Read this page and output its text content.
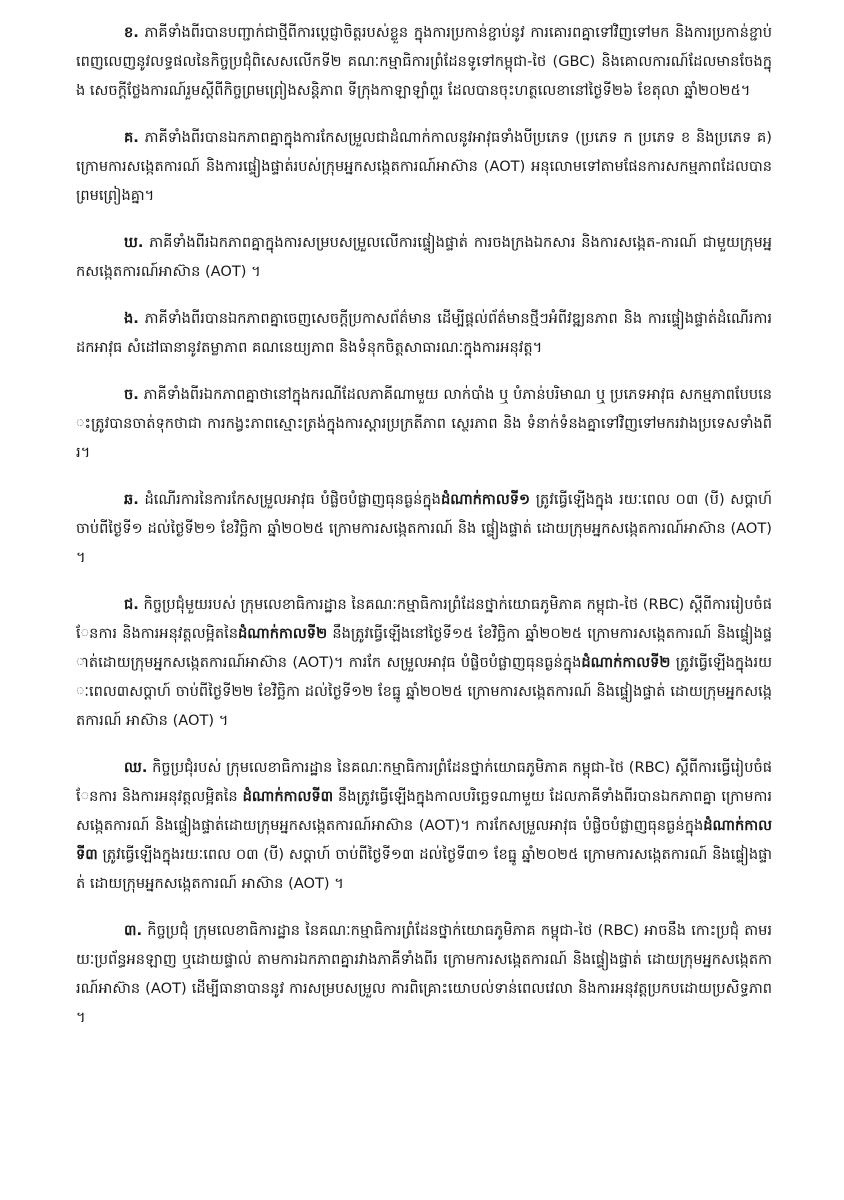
ខ. ភាគីទាំងពីរបានបញ្ជាក់ជាថ្មីពីការប្តេជ្ញាចិត្តរបស់ខ្លួន ក្នុងការប្រកាន់ខ្ជាប់នូវ ការគោរពគ្នាទៅវិញទៅមក និងការប្រកាន់ខ្ជាប់ពេញលេញនូវលទ្ធផលនៃកិច្ចប្រជុំពិសេសលើកទី២ គណៈកម្មាធិការព្រំដែនទូទៅកម្ពុជា-ថៃ (GBC) និងគោលការណ៍ដែលមានចែងក្នុង សេចក្តីថ្លែងការណ៍រួមស្តីពីកិច្ចព្រមព្រៀងសន្តិភាព ទីក្រុងកាឡាឡាំពួរ ដែលបានចុះហត្ថលេខានៅថ្ងៃទី២៦ ខែតុលា ឆ្នាំ២០២៥។

គ. ភាគីទាំងពីរបានឯកភាពគ្នាក្នុងការកែសម្រួលជាដំណាក់កាលនូវអាវុធទាំងបីប្រភេទ (ប្រភេទ ក ប្រភេទ ខ និងប្រភេទ គ) ក្រោមការសង្កេតការណ៍ និងការផ្ទៀងផ្ទាត់របស់ក្រុមអ្នកសង្កេតការណ៍អាស៊ាន (AOT) អនុលោមទៅតាមផែនការសកម្មភាពដែលបានព្រមព្រៀងគ្នា។

ឃ. ភាគីទាំងពីរឯកភាពគ្នាក្នុងការសម្របសម្រួលលើការផ្ទៀងផ្ទាត់ ការចងក្រងឯកសារ និងការសង្កេត-ការណ៍ ជាមួយក្រុមអ្នកសង្កេតការណ៍អាស៊ាន (AOT) ។

ង. ភាគីទាំងពីរបានឯកភាពគ្នាចេញសេចក្តីប្រកាសព័ត៌មាន ដើម្បីផ្តល់ព័ត៌មានថ្មីៗអំពីវឌ្ឍនភាព និង ការផ្ទៀងផ្ទាត់ដំណើរការដកអាវុធ សំដៅធានានូវតម្លាភាព គណនេយ្យភាព និងទំនុកចិត្តសាធារណៈក្នុងការអនុវត្ត។

ច. ភាគីទាំងពីរឯកភាពគ្នាថានៅក្នុងករណីដែលភាគីណាមួយ លាក់បាំង ឬ បំភាន់បរិមាណ ឬ ប្រភេទអាវុធ សកម្មភាពបែបនេះត្រូវបានចាត់ទុកថាជា ការកង្វះភាពស្មោះត្រង់ក្នុងការស្តារប្រក្រតីភាព ស្ថេរភាព និង ទំនាក់ទំនងគ្នាទៅវិញទៅមករវាងប្រទេសទាំងពីរ។

ឆ. ដំណើរការនៃការកែសម្រួលអាវុធ បំផ្លិចបំផ្លាញធុនធ្ងន់ក្នុងដំណាក់កាលទី១ ត្រូវធ្វើឡើងក្នុង រយៈពេល ០៣ (បី) សប្តាហ៍ ចាប់ពីថ្ងៃទី១ ដល់ថ្ងៃទី២១ ខែវិច្ឆិកា ឆ្នាំ២០២៥ ក្រោមការសង្កេតការណ៍ និង ផ្ទៀងផ្ទាត់ ដោយក្រុមអ្នកសង្កេតការណ៍អាស៊ាន (AOT) ។

ជ. កិច្ចប្រជុំមួយរបស់ ក្រុមលេខាធិការដ្ឋាន នៃគណៈកម្មាធិការព្រំដែនថ្នាក់យោធភូមិភាគ កម្ពុជា-ថៃ (RBC) ស្តីពីការរៀបចំផែនការ និងការអនុវត្តលម្អិតនៃដំណាក់កាលទី២ នឹងត្រូវធ្វើឡើងនៅថ្ងៃទី១៥ ខែវិច្ឆិកា ឆ្នាំ២០២៥ ក្រោមការសង្កេតការណ៍ និងផ្ទៀងផ្ទាត់ដោយក្រុមអ្នកសង្កេតការណ៍អាស៊ាន (AOT)។ ការកែ សម្រួលអាវុធ បំផ្លិចបំផ្លាញធុនធ្ងន់ក្នុងដំណាក់កាលទី២ ត្រូវធ្វើឡើងក្នុងរយៈពេល៣សប្តាហ៍ ចាប់ពីថ្ងៃទី២២ ខែវិច្ឆិកា ដល់ថ្ងៃទី១២ ខែធ្នូ ឆ្នាំ២០២៥ ក្រោមការសង្កេតការណ៍ និងផ្ទៀងផ្ទាត់ ដោយក្រុមអ្នកសង្កេតការណ៍ អាស៊ាន (AOT) ។

ឈ. កិច្ចប្រជុំរបស់ ក្រុមលេខាធិការដ្ឋាន នៃគណៈកម្មាធិការព្រំដែនថ្នាក់យោធភូមិភាគ កម្ពុជា-ថៃ (RBC) ស្តីពីការធ្វើរៀបចំផែនការ និងការអនុវត្តលម្អិតនៃ ដំណាក់កាលទី៣ នឹងត្រូវធ្វើឡើងក្នុងកាលបរិច្ឆេទណាមួយ ដែលភាគីទាំងពីរបានឯកភាពគ្នា ក្រោមការសង្កេតការណ៍ និងផ្ទៀងផ្ទាត់ដោយក្រុមអ្នកសង្កេតការណ៍អាស៊ាន (AOT)។ ការកែសម្រួលអាវុធ បំផ្លិចបំផ្លាញធុនធ្ងន់ក្នុងដំណាក់កាលទី៣ ត្រូវធ្វើឡើងក្នុងរយៈពេល ០៣ (បី) សប្តាហ៍ ចាប់ពីថ្ងៃទី១៣ ដល់ថ្ងៃទី៣១ ខែធ្នូ ឆ្នាំ២០២៥ ក្រោមការសង្កេតការណ៍ និងផ្ទៀងផ្ទាត់ ដោយក្រុមអ្នកសង្កេតការណ៍ អាស៊ាន (AOT) ។

៣. កិច្ចប្រជុំ ក្រុមលេខាធិការដ្ឋាន នៃគណៈកម្មាធិការព្រំដែនថ្នាក់យោធភូមិភាគ កម្ពុជា-ថៃ (RBC) អាចនឹង កោះប្រជុំ តាមរយៈប្រព័ន្ធអនឡាញ ឬដោយផ្ទាល់ តាមការឯកភាពគ្នារវាងភាគីទាំងពីរ ក្រោមការសង្កេតការណ៍ និងផ្ទៀងផ្ទាត់ ដោយក្រុមអ្នកសង្កេតការណ៍អាស៊ាន (AOT) ដើម្បីធានាបាននូវ ការសម្របសម្រួល ការពិគ្រោះយោបល់ទាន់ពេលវេលា និងការអនុវត្តប្រកបដោយប្រសិទ្ធភាព។
